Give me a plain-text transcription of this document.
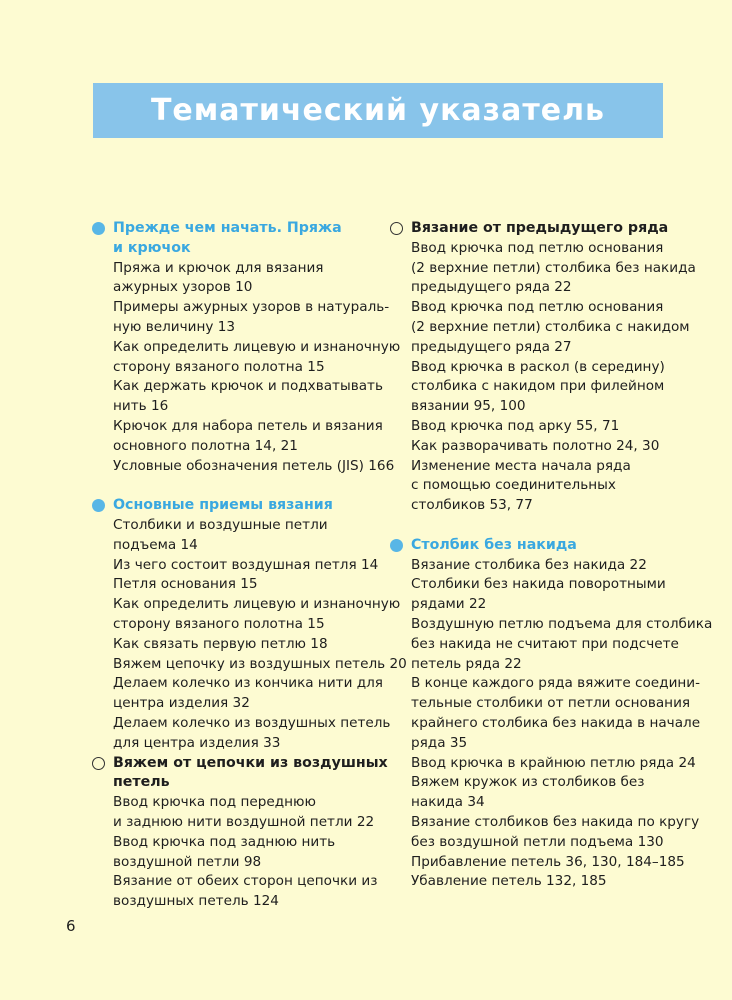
Тематический указатель
Прежде чем начать. Пряжа
и крючок
Пряжа и крючок для вязания
ажурных узоров 10
Примеры ажурных узоров в натураль-
ную величину 13
Как определить лицевую и изнаночную
сторону вязаного полотна 15
Как держать крючок и подхватывать
нить 16
Крючок для набора петель и вязания
основного полотна 14, 21
Условные обозначения петель (JIS) 166
Основные приемы вязания
Столбики и воздушные петли
подъема 14
Из чего состоит воздушная петля 14
Петля основания 15
Как определить лицевую и изнаночную
сторону вязаного полотна 15
Как связать первую петлю 18
Вяжем цепочку из воздушных петель 20
Делаем колечко из кончика нити для
центра изделия 32
Делаем колечко из воздушных петель
для центра изделия 33
Вяжем от цепочки из воздушных
петель
Ввод крючка под переднюю
и заднюю нити воздушной петли 22
Ввод крючка под заднюю нить
воздушной петли 98
Вязание от обеих сторон цепочки из
воздушных петель 124
Вязание от предыдущего ряда
Ввод крючка под петлю основания
(2 верхние петли) столбика без накида
предыдущего ряда 22
Ввод крючка под петлю основания
(2 верхние петли) столбика с накидом
предыдущего ряда 27
Ввод крючка в раскол (в середину)
столбика с накидом при филейном
вязании 95, 100
Ввод крючка под арку 55, 71
Как разворачивать полотно 24, 30
Изменение места начала ряда
с помощью соединительных
столбиков 53, 77
Столбик без накида
Вязание столбика без накида 22
Столбики без накида поворотными
рядами 22
Воздушную петлю подъема для столбика
без накида не считают при подсчете
петель ряда 22
В конце каждого ряда вяжите соедини-
тельные столбики от петли основания
крайнего столбика без накида в начале
ряда 35
Ввод крючка в крайнюю петлю ряда 24
Вяжем кружок из столбиков без
накида 34
Вязание столбиков без накида по кругу
без воздушной петли подъема 130
Прибавление петель 36, 130, 184–185
Убавление петель 132, 185
6
